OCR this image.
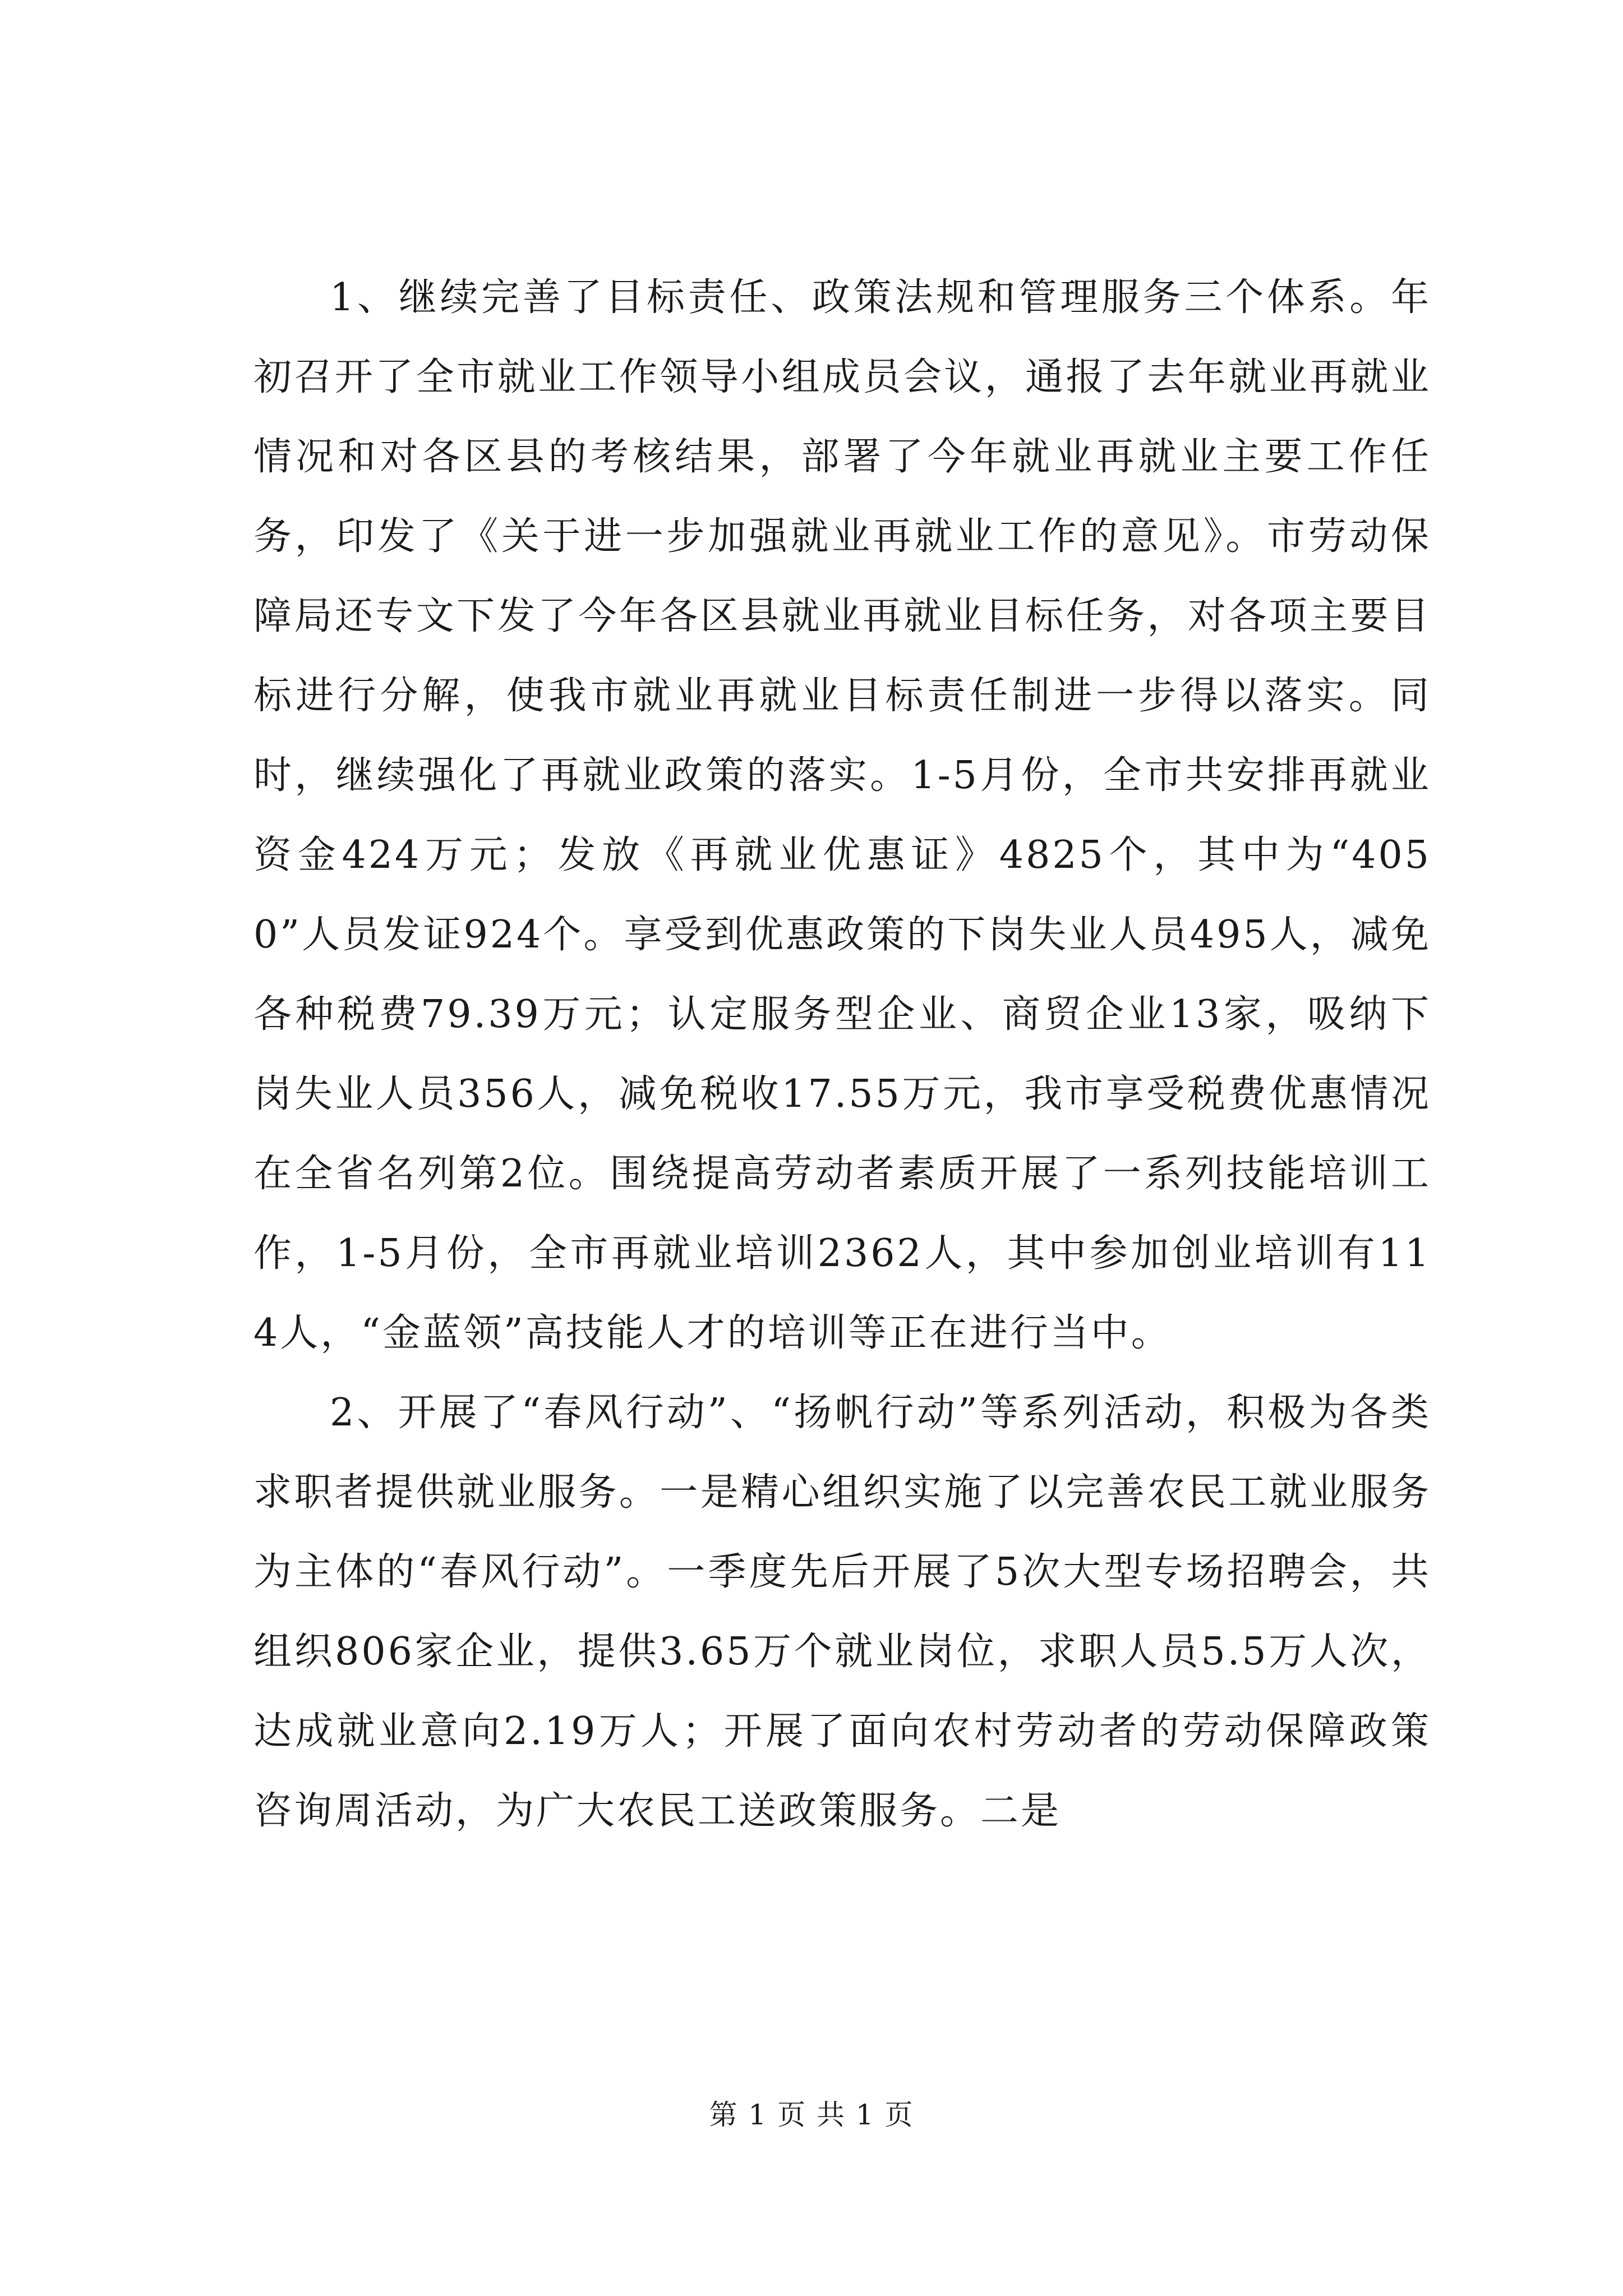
1、继续完善了目标责任、政策法规和管理服务三个体系。年初召开了全市就业工作领导小组成员会议，通报了去年就业再就业情况和对各区县的考核结果，部署了今年就业再就业主要工作任务，印发了《关于进一步加强就业再就业工作的意见》。市劳动保障局还专文下发了今年各区县就业再就业目标任务，对各项主要目标进行分解，使我市就业再就业目标责任制进一步得以落实。同时，继续强化了再就业政策的落实。1-5月份，全市共安排再就业资金424万元；发放《再就业优惠证》4825个，其中为“4050”人员发证924个。享受到优惠政策的下岗失业人员495人，减免各种税费79.39万元；认定服务型企业、商贸企业13家，吸纳下岗失业人员356人，减免税收17.55万元，我市享受税费优惠情况在全省名列第2位。围绕提高劳动者素质开展了一系列技能培训工作，1-5月份，全市再就业培训2362人，其中参加创业培训有114人，“金蓝领”高技能人才的培训等正在进行当中。

2、开展了“春风行动”、“扬帆行动”等系列活动，积极为各类求职者提供就业服务。一是精心组织实施了以完善农民工就业服务为主体的“春风行动”。一季度先后开展了5次大型专场招聘会，共组织806家企业，提供3.65万个就业岗位，求职人员5.5万人次，达成就业意向2.19万人；开展了面向农村劳动者的劳动保障政策咨询周活动，为广大农民工送政策服务。二是

第 1 页 共 1 页
